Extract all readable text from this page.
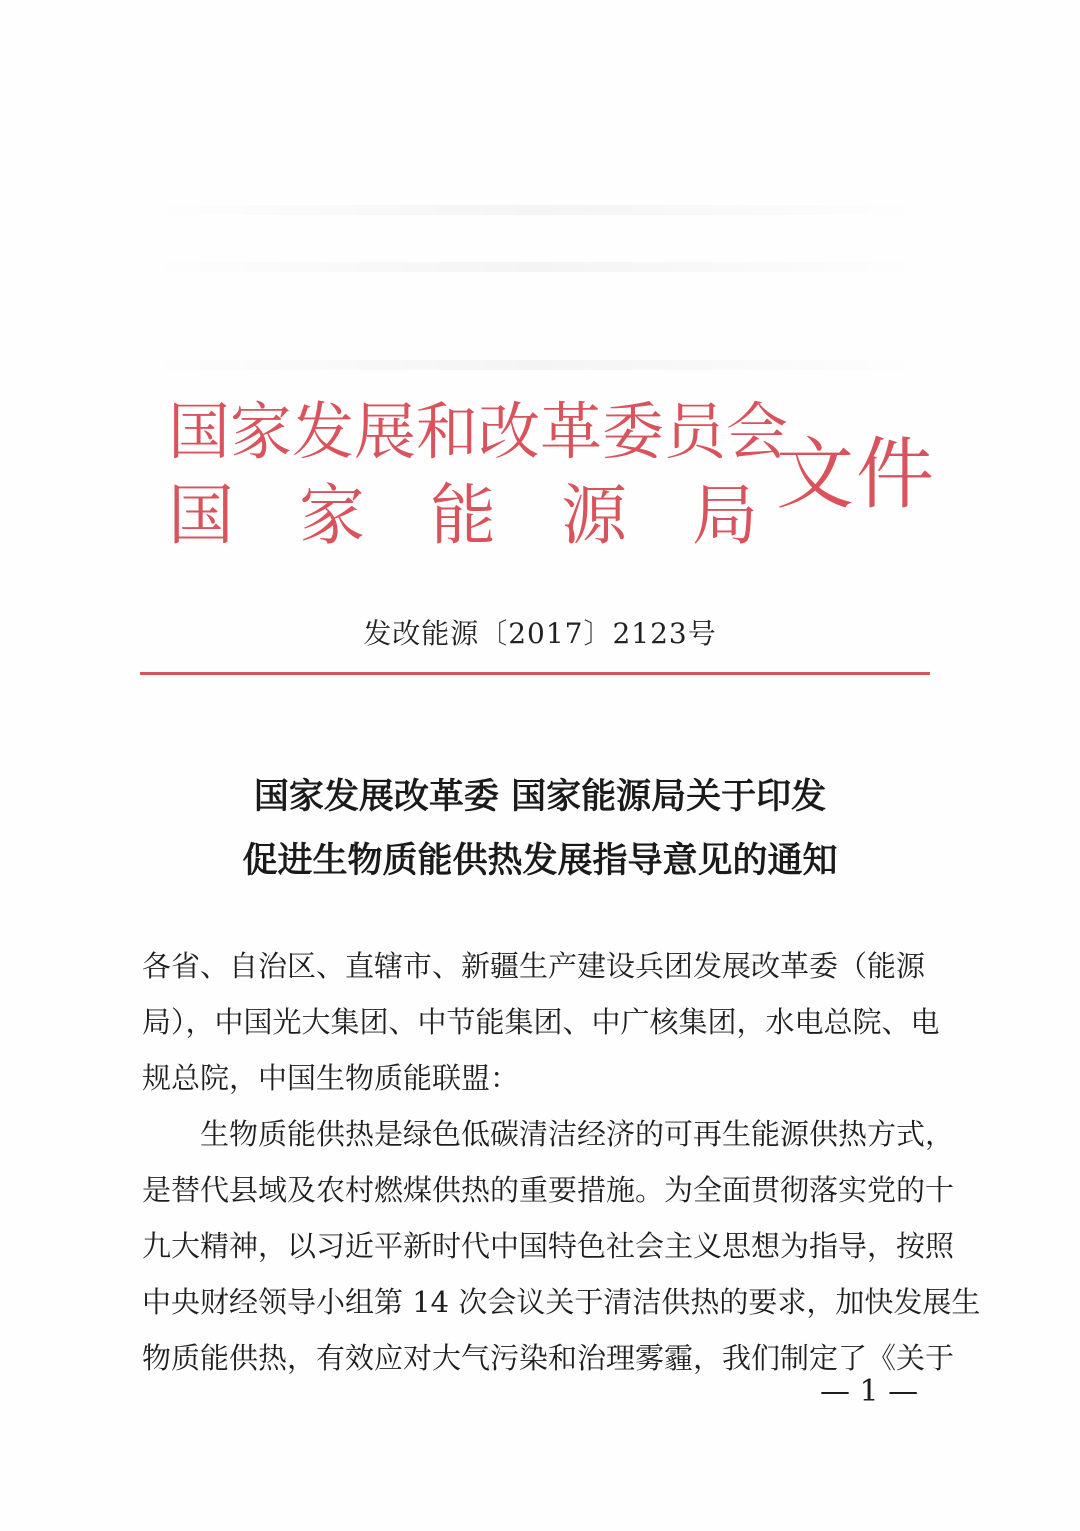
国家发展和改革委员会
国 家 能 源 局 文件
发改能源〔2017〕2123号
国家发展改革委 国家能源局关于印发
促进生物质能供热发展指导意见的通知
各省、自治区、直辖市、新疆生产建设兵团发展改革委（能源
局），中国光大集团、中节能集团、中广核集团，水电总院、电
规总院，中国生物质能联盟：
　　生物质能供热是绿色低碳清洁经济的可再生能源供热方式，
是替代县域及农村燃煤供热的重要措施。为全面贯彻落实党的十
九大精神，以习近平新时代中国特色社会主义思想为指导，按照
中央财经领导小组第 14 次会议关于清洁供热的要求，加快发展生
物质能供热，有效应对大气污染和治理雾霾，我们制定了《关于
— 1 —
